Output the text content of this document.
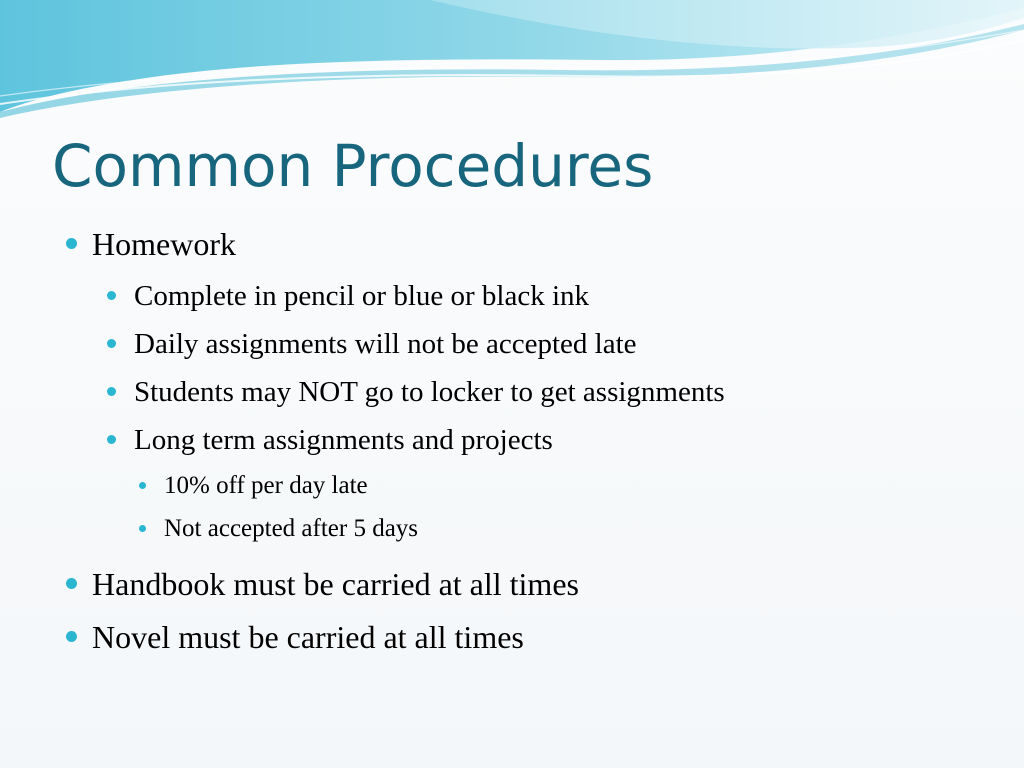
Common Procedures
Homework
Complete in pencil or blue or black ink
Daily assignments will not be accepted late
Students may NOT go to locker to get assignments
Long term assignments and projects
10% off per day late
Not accepted after 5 days
Handbook must be carried at all times
Novel must be carried at all times
